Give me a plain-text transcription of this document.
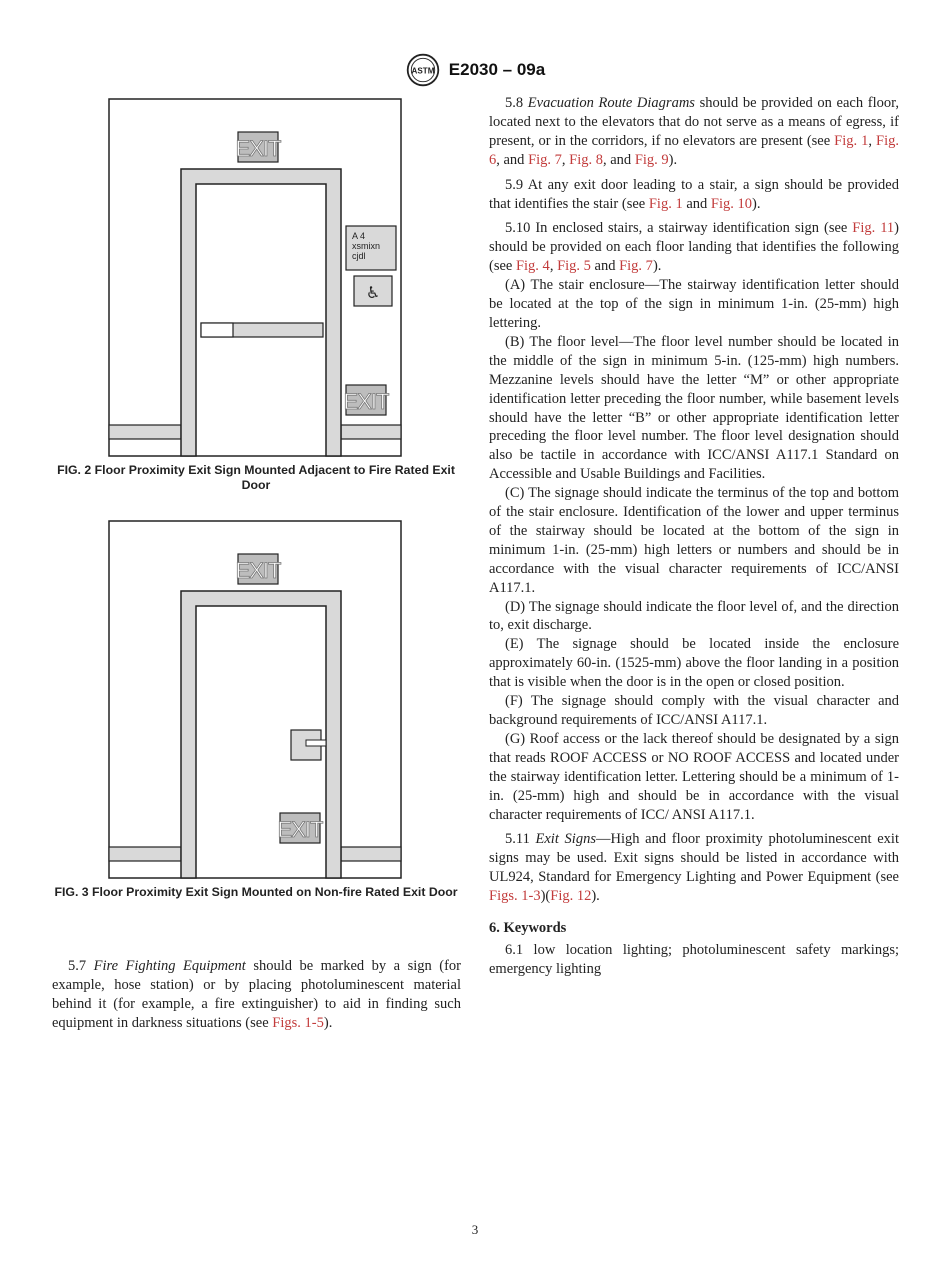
ASTM E2030 – 09a
EXIT
A 4
xsmixn
cjdl
♿
EXIT
FIG. 2 Floor Proximity Exit Sign Mounted Adjacent to Fire Rated Exit Door
EXIT
EXIT
FIG. 3 Floor Proximity Exit Sign Mounted on Non-fire Rated Exit Door

5.7 Fire Fighting Equipment should be marked by a sign (for example, hose station) or by placing photoluminescent material behind it (for example, a fire extinguisher) to aid in finding such equipment in darkness situations (see Figs. 1-5).

5.8 Evacuation Route Diagrams should be provided on each floor, located next to the elevators that do not serve as a means of egress, if present, or in the corridors, if no elevators are present (see Fig. 1, Fig. 6, and Fig. 7, Fig. 8, and Fig. 9).

5.9 At any exit door leading to a stair, a sign should be provided that identifies the stair (see Fig. 1 and Fig. 10).

5.10 In enclosed stairs, a stairway identification sign (see Fig. 11) should be provided on each floor landing that identifies the following (see Fig. 4, Fig. 5 and Fig. 7).

(A) The stair enclosure—The stairway identification letter should be located at the top of the sign in minimum 1-in. (25-mm) high lettering.

(B) The floor level—The floor level number should be located in the middle of the sign in minimum 5-in. (125-mm) high numbers. Mezzanine levels should have the letter “M” or other appropriate identification letter preceding the floor number, while basement levels should have the letter “B” or other appropriate identification letter preceding the floor level number. The floor level designation should also be tactile in accordance with ICC/ANSI A117.1 Standard on Accessible and Usable Buildings and Facilities.

(C) The signage should indicate the terminus of the top and bottom of the stair enclosure. Identification of the lower and upper terminus of the stairway should be located at the bottom of the sign in minimum 1-in. (25-mm) high letters or numbers and should be in accordance with the visual character requirements of ICC/ANSI A117.1.

(D) The signage should indicate the floor level of, and the direction to, exit discharge.

(E) The signage should be located inside the enclosure approximately 60-in. (1525-mm) above the floor landing in a position that is visible when the door is in the open or closed position.

(F) The signage should comply with the visual character and background requirements of ICC/ANSI A117.1.

(G) Roof access or the lack thereof should be designated by a sign that reads ROOF ACCESS or NO ROOF ACCESS and located under the stairway identification letter. Lettering should be a minimum of 1-in. (25-mm) high and should be in accordance with the visual character requirements of ICC/ ANSI A117.1.

5.11 Exit Signs—High and floor proximity photoluminescent exit signs may be used. Exit signs should be listed in accordance with UL924, Standard for Emergency Lighting and Power Equipment (see Figs. 1-3)(Fig. 12).

6. Keywords

6.1 low location lighting; photoluminescent safety markings; emergency lighting

3
